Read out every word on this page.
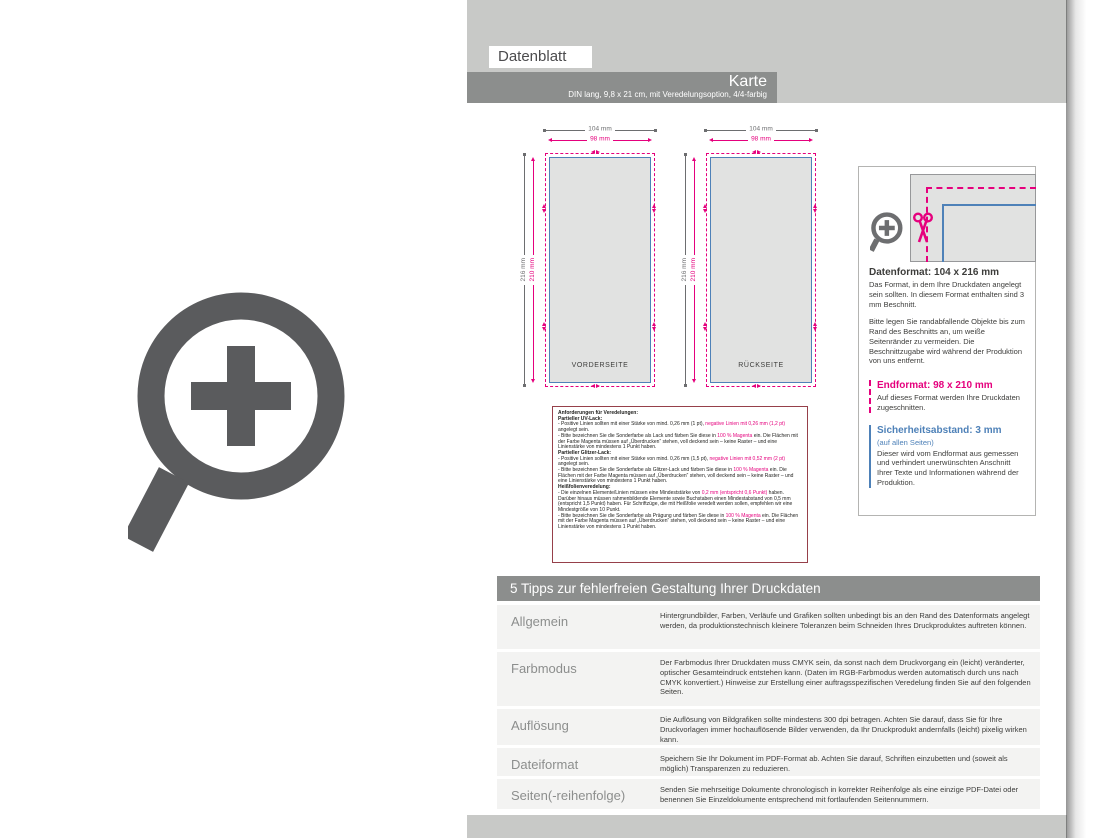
Datenblatt
Karte
DIN lang, 9,8 x 21 cm, mit Veredelungsoption, 4/4-farbig
VORDERSEITE
104 mm
98 mm
216 mm 210 mm
RÜCKSEITE
104 mm
98 mm
216 mm 210 mm
Anforderungen für Veredelungen:
Partieller UV-Lack:
- Positive Linien sollten mit einer Stärke von mind. 0,26 mm (1 pt), negative Linien mit 0,26 mm (1,2 pt) angelegt sein.
- Bitte bezeichnen Sie die Sonderfarbe als Lack und färben Sie diese in 100 % Magenta ein. Die Flächen mit der Farbe Magenta müssen auf „Überdrucken“ stehen, voll deckend sein – keine Raster – und eine Linienstärke von mindestens 1 Punkt haben.
Partieller Glitzer-Lack:
- Positive Linien sollten mit einer Stärke von mind. 0,26 mm (1,5 pt), negative Linien mit 0,52 mm (2 pt) angelegt sein.
- Bitte bezeichnen Sie die Sonderfarbe als Glitzer-Lack und färben Sie diese in 100 % Magenta ein. Die Flächen mit der Farbe Magenta müssen auf „Überdrucken“ stehen, voll deckend sein – keine Raster – und eine Linienstärke von mindestens 1 Punkt haben.
Heißfolienveredelung:
- Die einzelnen Elemente/Linien müssen eine Mindeststärke von 0,2 mm (entspricht 0,6 Punkt) haben. Darüber hinaus müssen rahmenbildende Elemente sowie Buchstaben einen Mindestabstand von 0,5 mm (entspricht 1,5 Punkt) haben. Für Schriftzüge, die mit Heißfolie veredelt werden sollen, empfehlen wir eine Mindestgröße von 10 Punkt.
- Bitte bezeichnen Sie die Sonderfarbe als Prägung und färben Sie diese in 100 % Magenta ein. Die Flächen mit der Farbe Magenta müssen auf „Überdrucken“ stehen, voll deckend sein – keine Raster – und eine Linienstärke von mindestens 1 Punkt haben.
Datenformat: 104 x 216 mm

Das Format, in dem Ihre Druckdaten angelegt sein sollten. In diesem Format enthalten sind 3 mm Beschnitt.

Bitte legen Sie randabfallende Objekte bis zum Rand des Beschnitts an, um weiße Seitenränder zu vermeiden. Die Beschnittzugabe wird während der Produktion von uns entfernt.

Endformat: 98 x 210 mm

Auf dieses Format werden Ihre Druckdaten zugeschnitten.

Sicherheitsabstand: 3 mm
(auf allen Seiten)

Dieser wird vom Endformat aus gemessen und verhindert unerwünschten Anschnitt Ihrer Texte und Informationen während der Produktion.

5 Tipps zur fehlerfreien Gestaltung Ihrer Druckdaten
Allgemein	Hintergrundbilder, Farben, Verläufe und Grafiken sollten unbedingt bis an den Rand des Datenformats angelegt werden, da produktionstechnisch kleinere Toleranzen beim Schneiden Ihres Druckproduktes auftreten können.
Farbmodus	Der Farbmodus Ihrer Druckdaten muss CMYK sein, da sonst nach dem Druckvorgang ein (leicht) veränderter, optischer Gesamteindruck entstehen kann. (Daten im RGB-Farbmodus werden automatisch durch uns nach CMYK konvertiert.) Hinweise zur Erstellung einer auftragsspezifischen Veredelung finden Sie auf den folgenden Seiten.
Auflösung	Die Auflösung von Bildgrafiken sollte mindestens 300 dpi betragen. Achten Sie darauf, dass Sie für Ihre Druckvorlagen immer hochauflösende Bilder verwenden, da Ihr Druckprodukt andernfalls (leicht) pixelig wirken kann.
Dateiformat	Speichern Sie Ihr Dokument im PDF-Format ab. Achten Sie darauf, Schriften einzubetten und (soweit als möglich) Transparenzen zu reduzieren.
Seiten(-reihenfolge)	Senden Sie mehrseitige Dokumente chronologisch in korrekter Reihenfolge als eine einzige PDF-Datei oder benennen Sie Einzeldokumente entsprechend mit fortlaufenden Seitennummern.
